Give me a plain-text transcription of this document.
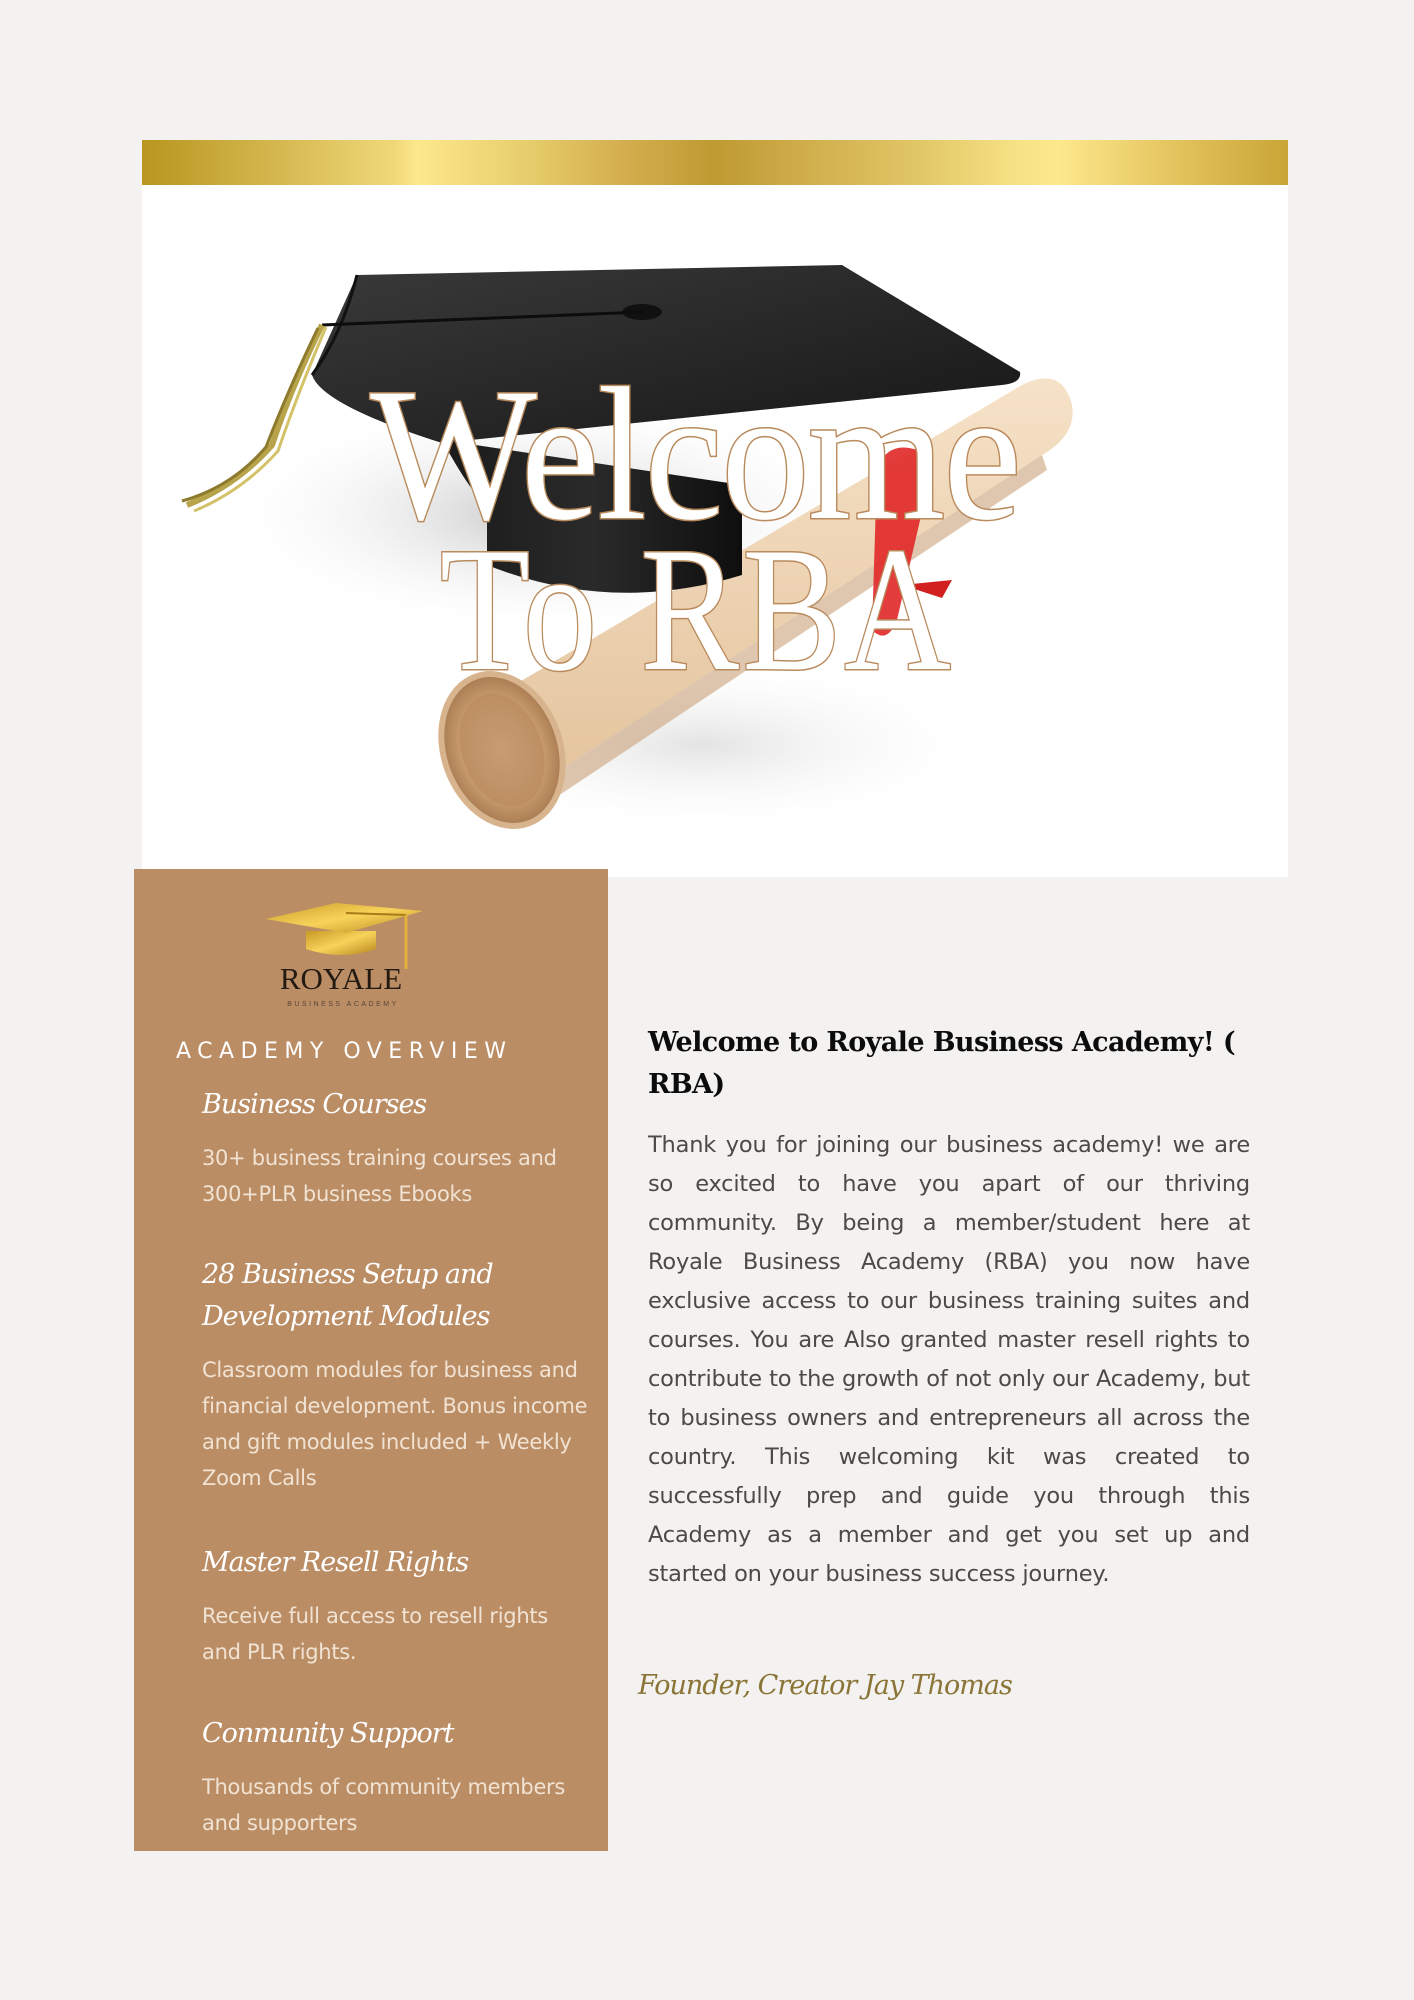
Welcome
To RBA
ROYALE
BUSINESS ACADEMY
ACADEMY OVERVIEW
Business Courses
30+ business training courses and 300+PLR business Ebooks
28 Business Setup and Development Modules
Classroom modules for business and financial development. Bonus income and gift modules included + Weekly Zoom Calls
Master Resell Rights
Receive full access to resell rights and PLR rights.
Conmunity Support
Thousands of community members and supporters
Welcome to Royale Business Academy! ( RBA)

Thank you for joining our business academy! we are so excited to have you apart of our thriving community. By being a member/student here at Royale Business Academy (RBA) you now have exclusive access to our business training suites and courses. You are Also granted master resell rights to contribute to the growth of not only our Academy, but to business owners and entrepreneurs all across the country. This welcoming kit was created to successfully prep and guide you through this Academy as a member and get you set up and started on your business success journey.

Founder, Creator Jay Thomas
